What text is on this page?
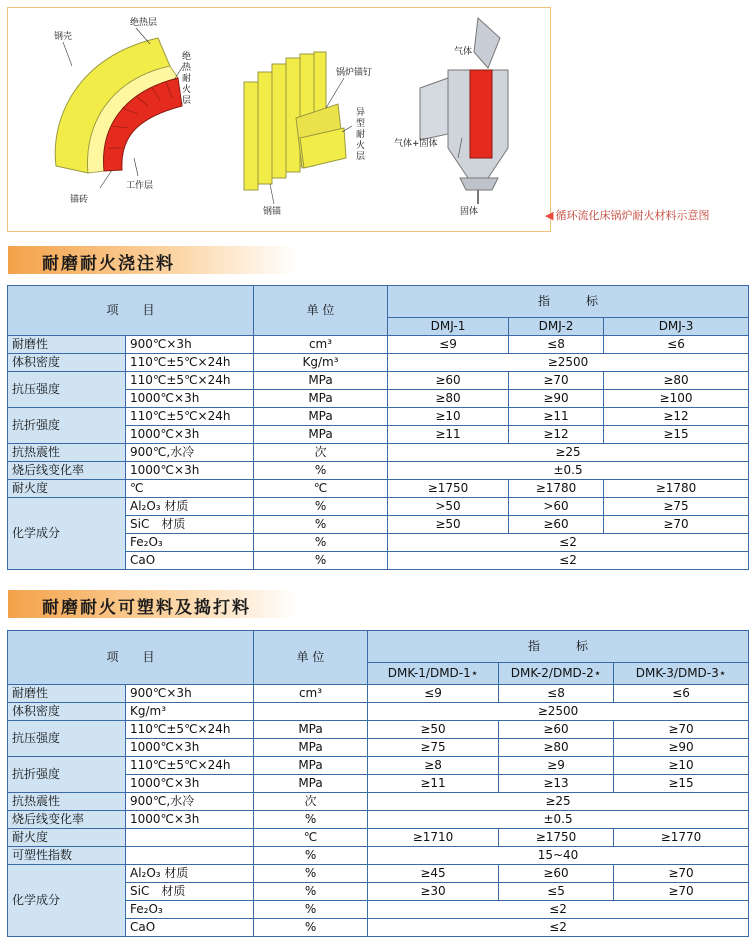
钢壳
绝热层
绝热耐火层
锚砖
工作层
锅炉锚钉
异型耐火层
钢锚
气体
气体+固体
固体	◀ 循环流化床锅炉耐火材料示意图
耐磨耐火浇注料
项　　目		单 位	指　　　标		
			DMJ-1	DMJ-2	DMJ-3
耐磨性	900℃×3h	cm³	≤9	≤8	≤6
体积密度	110℃±5℃×24h	Kg/m³	≥2500		
抗压强度	110℃±5℃×24h	MPa	≥60	≥70	≥80
	1000℃×3h	MPa	≥80	≥90	≥100
抗折强度	110℃±5℃×24h	MPa	≥10	≥11	≥12
	1000℃×3h	MPa	≥11	≥12	≥15
抗热震性	900℃,水冷	次	≥25		
烧后线变化率	1000℃×3h	%	±0.5		
耐火度	℃	℃	≥1750	≥1780	≥1780
化学成分	Al₂O₃ 材质	%	>50	>60	≥75
	SiC　材质	%	≥50	≥60	≥70
	Fe₂O₃	%	≤2		
	CaO	%	≤2		
耐磨耐火可塑料及捣打料
项　　目		单 位	指　　　标		
			DMK-1/DMD-1⋆	DMK-2/DMD-2⋆	DMK-3/DMD-3⋆
耐磨性	900℃×3h	cm³	≤9	≤8	≤6
体积密度	Kg/m³		≥2500		
抗压强度	110℃±5℃×24h	MPa	≥50	≥60	≥70
	1000℃×3h	MPa	≥75	≥80	≥90
抗折强度	110℃±5℃×24h	MPa	≥8	≥9	≥10
	1000℃×3h	MPa	≥11	≥13	≥15
抗热震性	900℃,水冷	次	≥25		
烧后线变化率	1000℃×3h	%	±0.5		
耐火度		℃	≥1710	≥1750	≥1770
可塑性指数		%	15~40		
化学成分	Al₂O₃ 材质	%	≥45	≥60	≥70
	SiC　材质	%	≥30	≤5	≥70
	Fe₂O₃	%	≤2		
	CaO	%	≤2		
